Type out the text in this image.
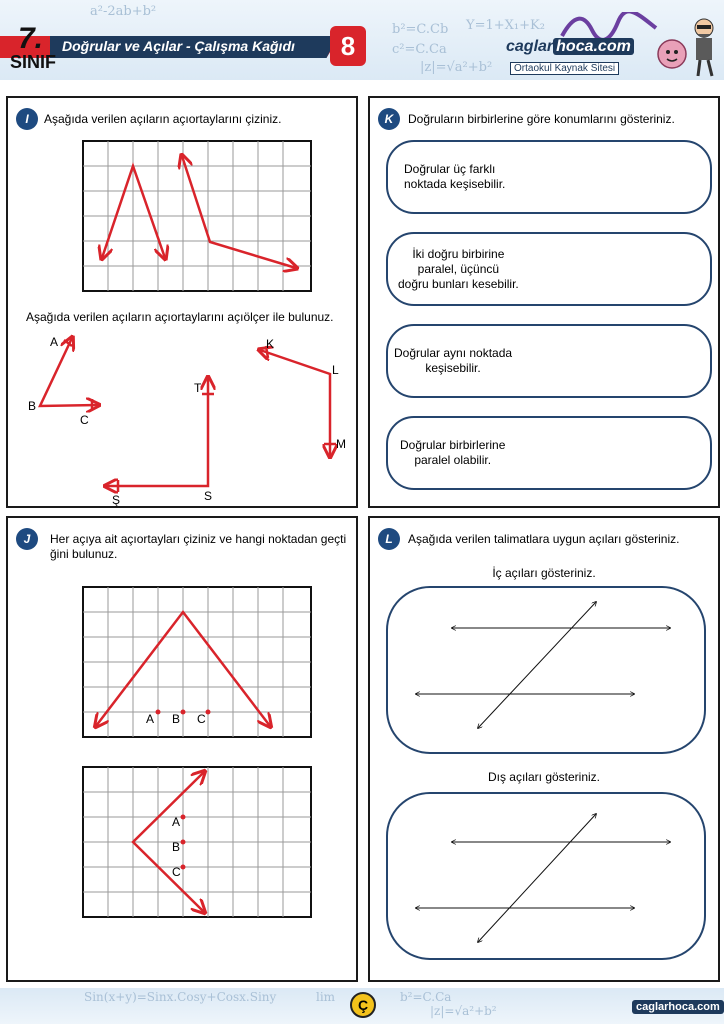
a²-2ab+b²
b²=C.Cb
c²=C.Ca
|z|=√a²+b²
Y=1+X₁+K₂
7.
SINIF
Doğrular ve Açılar - Çalışma Kağıdı	8	caglar hoca.com
Ortaokul Kaynak Sitesi
I	Aşağıda verilen açıların açıortaylarını çiziniz.
Aşağıda verilen açıların açıortaylarını açıölçer ile bulunuz.
A
B
C
K
L
M
T
S
Ş
K	Doğruların birbirlerine göre konumlarını gösteriniz.
Doğrular üç farklı
noktada keşisebilir.
İki doğru birbirine
paralel, üçüncü
doğru bunları kesebilir.
Doğrular aynı noktada
keşisebilir.
Doğrular birbirlerine
paralel olabilir.
J	Her açıya ait açıortayları çiziniz ve hangi noktadan geçti
ğini bulunuz.
A B C
A
B
C
L	Aşağıda verilen talimatlara uygun açıları gösteriniz.
İç açıları gösteriniz.
Dış açıları gösteriniz.
Sin(x+y)=Sinx.Cosy+Cosx.Siny	lim	b²=C.Ca
|z|=√a²+b²
Ç	caglarhoca.com
